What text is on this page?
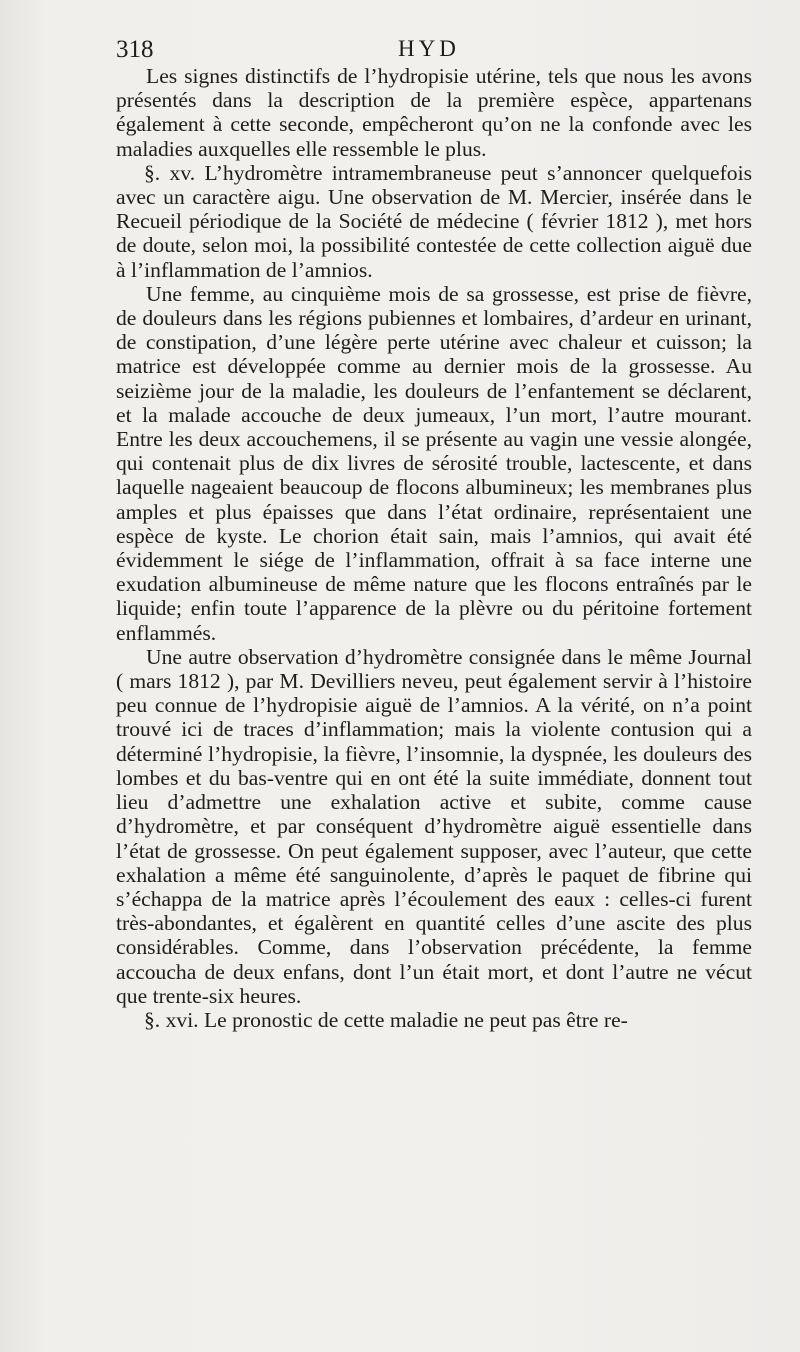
318	HYD

Les signes distinctifs de l’hydropisie utérine, tels que nous les avons présentés dans la description de la première espèce, appartenans également à cette seconde, empêcheront qu’on ne la confonde avec les maladies auxquelles elle ressemble le plus.

§. xv. L’hydromètre intramembraneuse peut s’annoncer quelquefois avec un caractère aigu. Une observation de M. Mercier, insérée dans le Recueil périodique de la Société de médecine ( février 1812 ), met hors de doute, selon moi, la possibilité contestée de cette collection aiguë due à l’inflammation de l’amnios.

Une femme, au cinquième mois de sa grossesse, est prise de fièvre, de douleurs dans les régions pubiennes et lombaires, d’ardeur en urinant, de constipation, d’une légère perte utérine avec chaleur et cuisson; la matrice est développée comme au dernier mois de la grossesse. Au seizième jour de la maladie, les douleurs de l’enfantement se déclarent, et la malade accouche de deux jumeaux, l’un mort, l’autre mourant. Entre les deux accouchemens, il se présente au vagin une vessie alongée, qui contenait plus de dix livres de sérosité trouble, lactescente, et dans laquelle nageaient beaucoup de flocons albumineux; les membranes plus amples et plus épaisses que dans l’état ordinaire, représentaient une espèce de kyste. Le chorion était sain, mais l’amnios, qui avait été évidemment le siége de l’inflammation, offrait à sa face interne une exudation albumineuse de même nature que les flocons entraînés par le liquide; enfin toute l’apparence de la plèvre ou du péritoine fortement enflammés.

Une autre observation d’hydromètre consignée dans le même Journal ( mars 1812 ), par M. Devilliers neveu, peut également servir à l’histoire peu connue de l’hydropisie aiguë de l’amnios. A la vérité, on n’a point trouvé ici de traces d’inflammation; mais la violente contusion qui a déterminé l’hydropisie, la fièvre, l’insomnie, la dyspnée, les douleurs des lombes et du bas-ventre qui en ont été la suite immédiate, donnent tout lieu d’admettre une exhalation active et subite, comme cause d’hydromètre, et par conséquent d’hydromètre aiguë essentielle dans l’état de grossesse. On peut également supposer, avec l’auteur, que cette exhalation a même été sanguinolente, d’après le paquet de fibrine qui s’échappa de la matrice après l’écoulement des eaux : celles-ci furent très-abondantes, et égalèrent en quantité celles d’une ascite des plus considérables. Comme, dans l’observation précédente, la femme accoucha de deux enfans, dont l’un était mort, et dont l’autre ne vécut que trente-six heures.

§. xvi. Le pronostic de cette maladie ne peut pas être re-
